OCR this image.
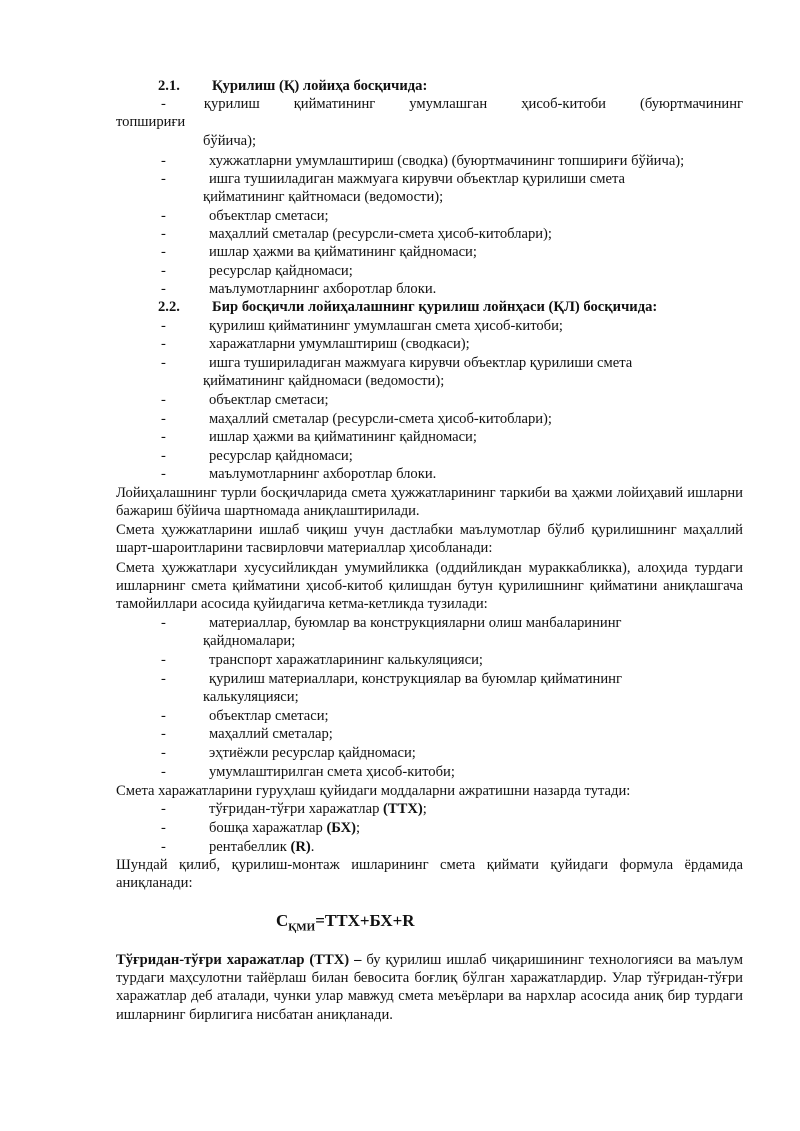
2.1. Қурилиш (Қ) лойиҳа босқичида:
-	қурилиш қийматининг умумлашган ҳисоб-китоби (буюртмачининг
топшириғи
бўйича);
-	хужжатларни умумлаштириш (сводка) (буюртмачининг топшириғи бўйича);
-	ишга тушииладиган мажмуага кирувчи объектлар қурилиши смета
қийматининг қайтномаси (ведомости);
-	объектлар сметаси;
-	маҳаллий сметалар (ресурсли-смета ҳисоб-китоблари);
-	ишлар ҳажми ва қийматининг қайдномаси;
-	ресурслар қайдномаси;
-	маълумотларнинг ахборотлар блоки.
2.2. Бир босқичли лойиҳалашнинг қурилиш лойнҳаси (ҚЛ) босқичида:
-	қурилиш қийматининг умумлашган смета ҳисоб-китоби;
-	харажатларни умумлаштириш (сводкаси);
-	ишга тушириладиган мажмуага кирувчи объектлар қурилиши смета
қийматининг қайдномаси (ведомости);
-	объектлар сметаси;
-	маҳаллий сметалар (ресурсли-смета ҳисоб-китоблари);
-	ишлар ҳажми ва қийматининг қайдномаси;
-	ресурслар қайдномаси;
-	маълумотларнинг ахборотлар блоки.
Лойиҳалашнинг турли босқичларида смета ҳужжатларининг таркиби ва ҳажми лойиҳавий ишларни бажариш бўйича шартномада аниқлаштирилади.
Смета ҳужжатларини ишлаб чиқиш учун дастлабки маълумотлар бўлиб қурилишнинг маҳаллий шарт-шароитларини тасвирловчи материаллар ҳисобланади:
Смета ҳужжатлари хусусийликдан умумийликка (оддийликдан мураккабликка), алоҳида турдаги ишларнинг смета қийматини ҳисоб-китоб қилишдан бутун қурилишнинг қийматини аниқлашгача тамойиллари асосида қуйидагича кетма-кетликда тузилади:
-	материаллар, буюмлар ва конструкцияларни олиш манбаларининг
қайдномалари;
-	транспорт харажатларининг калькуляцияси;
-	қурилиш материаллари, конструкциялар ва буюмлар қийматининг
калькуляцияси;
-	объектлар сметаси;
-	маҳаллий сметалар;
-	эҳтиёжли ресурслар қайдномаси;
-	умумлаштирилган смета ҳисоб-китоби;
Смета харажатларини гуруҳлаш қуйидаги моддаларни ажратишни назарда тутади:
-	тўғридан-тўғри харажатлар (ТТХ);
-	бошқа харажатлар (БХ);
-	рентабеллик (R).
Шундай қилиб, қурилиш-монтаж ишларининг смета қиймати қуйидаги формула ёрдамида аниқланади:
$С_{ҚМИ}=ТТХ+БХ+R$
Тўғридан-тўғри харажатлар (ТТХ) – бу қурилиш ишлаб чиқаришининг технологияси ва маълум турдаги маҳсулотни тайёрлаш билан бевосита боғлиқ бўлган харажатлардир. Улар тўғридан-тўғри харажатлар деб аталади, чунки улар мавжуд смета меъёрлари ва нархлар асосида аниқ бир турдаги ишларнинг бирлигига нисбатан аниқланади.
